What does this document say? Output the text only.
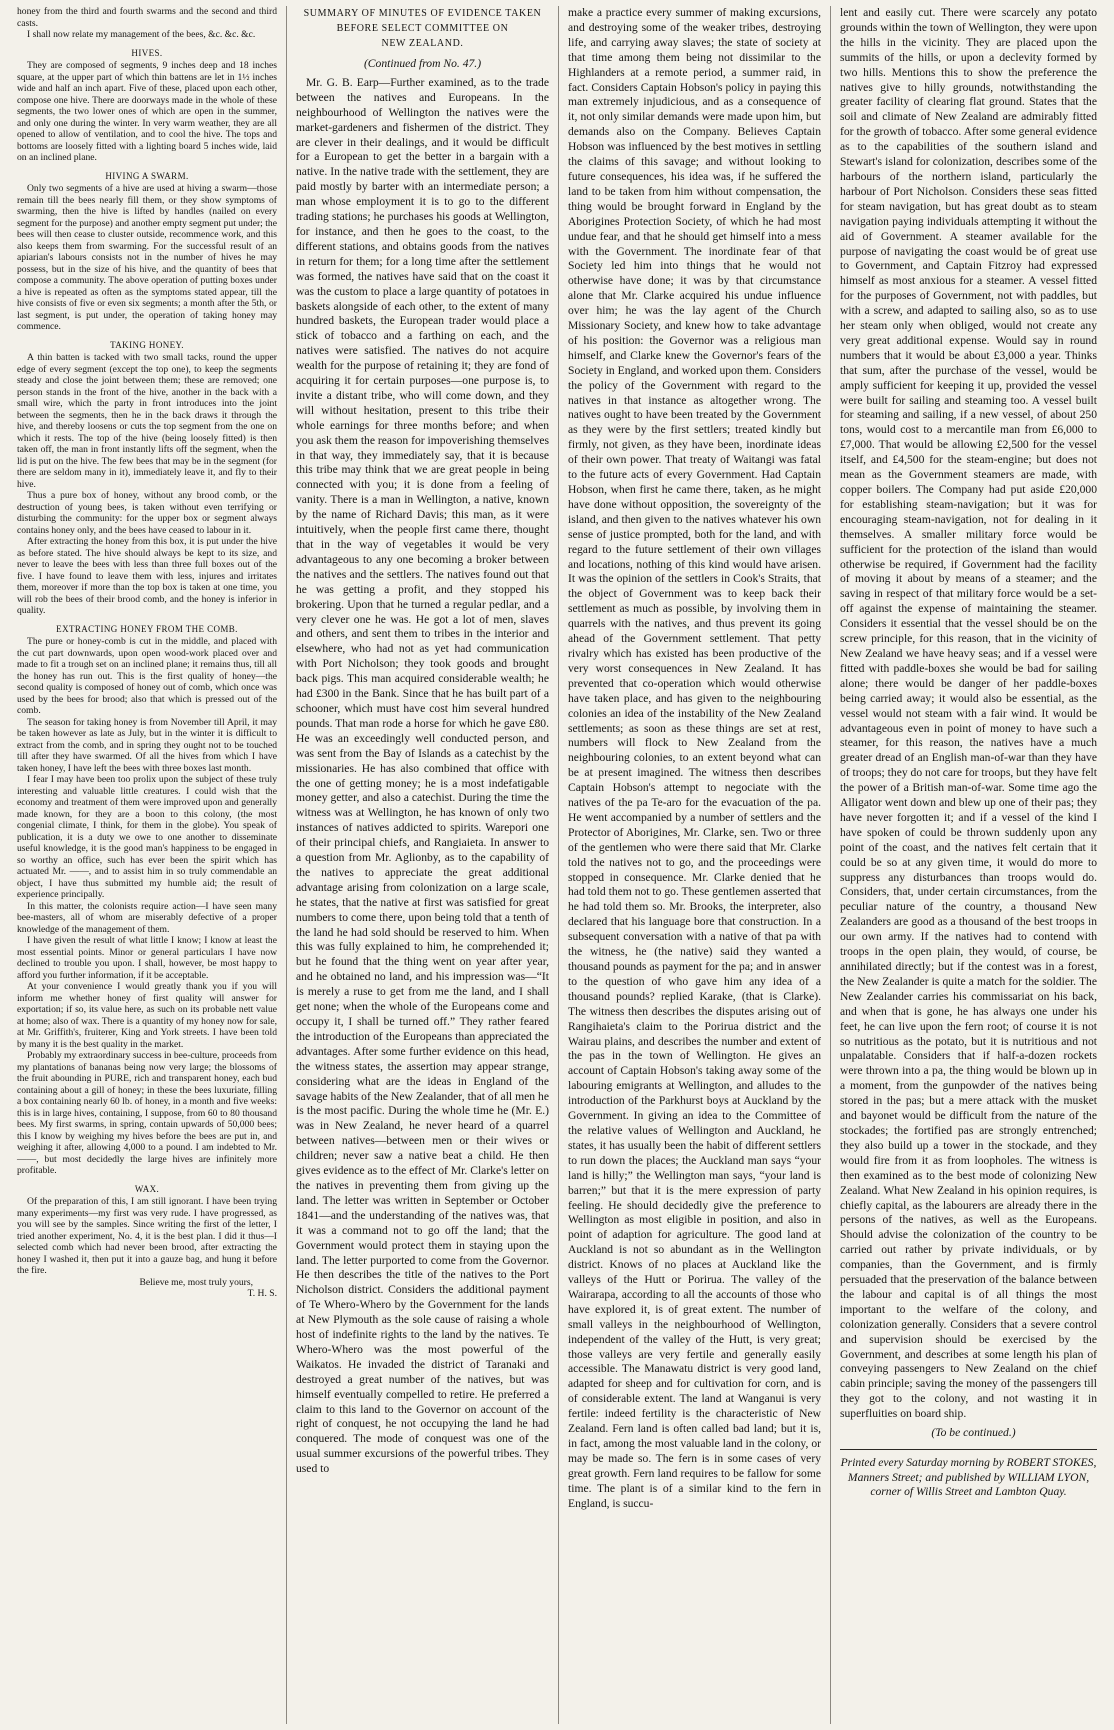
honey from the third and fourth swarms and the second and third casts.

I shall now relate my management of the bees, &c. &c. &c.

HIVES.

They are composed of segments, 9 inches deep and 18 inches square, at the upper part of which thin battens are let in 1½ inches wide and half an inch apart. Five of these, placed upon each other, compose one hive. There are doorways made in the whole of these segments, the two lower ones of which are open in the summer, and only one during the winter. In very warm weather, they are all opened to allow of ventilation, and to cool the hive. The tops and bottoms are loosely fitted with a lighting board 5 inches wide, laid on an inclined plane.

HIVING A SWARM.

Only two segments of a hive are used at hiving a swarm—those remain till the bees nearly fill them, or they show symptoms of swarming, then the hive is lifted by handles (nailed on every segment for the purpose) and another empty segment put under; the bees will then cease to cluster outside, recommence work, and this also keeps them from swarming. For the successful result of an apiarian's labours consists not in the number of hives he may possess, but in the size of his hive, and the quantity of bees that compose a community. The above operation of putting boxes under a hive is repeated as often as the symptoms stated appear, till the hive consists of five or even six segments; a month after the 5th, or last segment, is put under, the operation of taking honey may commence.

TAKING HONEY.

A thin batten is tacked with two small tacks, round the upper edge of every segment (except the top one), to keep the segments steady and close the joint between them; these are removed; one person stands in the front of the hive, another in the back with a small wire, which the party in front introduces into the joint between the segments, then he in the back draws it through the hive, and thereby loosens or cuts the top segment from the one on which it rests. The top of the hive (being loosely fitted) is then taken off, the man in front instantly lifts off the segment, when the lid is put on the hive. The few bees that may be in the segment (for there are seldom many in it), immediately leave it, and fly to their hive.

Thus a pure box of honey, without any brood comb, or the destruction of young bees, is taken without even terrifying or disturbing the community: for the upper box or segment always contains honey only, and the bees have ceased to labour in it.

After extracting the honey from this box, it is put under the hive as before stated. The hive should always be kept to its size, and never to leave the bees with less than three full boxes out of the five. I have found to leave them with less, injures and irritates them, moreover if more than the top box is taken at one time, you will rob the bees of their brood comb, and the honey is inferior in quality.

EXTRACTING HONEY FROM THE COMB.

The pure or honey-comb is cut in the middle, and placed with the cut part downwards, upon open wood-work placed over and made to fit a trough set on an inclined plane; it remains thus, till all the honey has run out. This is the first quality of honey—the second quality is composed of honey out of comb, which once was used by the bees for brood; also that which is pressed out of the comb.

The season for taking honey is from November till April, it may be taken however as late as July, but in the winter it is difficult to extract from the comb, and in spring they ought not to be touched till after they have swarmed. Of all the hives from which I have taken honey, I have left the bees with three boxes last month.

I fear I may have been too prolix upon the subject of these truly interesting and valuable little creatures. I could wish that the economy and treatment of them were improved upon and generally made known, for they are a boon to this colony, (the most congenial climate, I think, for them in the globe). You speak of publication, it is a duty we owe to one another to disseminate useful knowledge, it is the good man's happiness to be engaged in so worthy an office, such has ever been the spirit which has actuated Mr. ——, and to assist him in so truly commendable an object, I have thus submitted my humble aid; the result of experience principally.

In this matter, the colonists require action—I have seen many bee-masters, all of whom are miserably defective of a proper knowledge of the management of them.

I have given the result of what little I know; I know at least the most essential points. Minor or general particulars I have now declined to trouble you upon. I shall, however, be most happy to afford you further information, if it be acceptable.

At your convenience I would greatly thank you if you will inform me whether honey of first quality will answer for exportation; if so, its value here, as such on its probable nett value at home; also of wax. There is a quantity of my honey now for sale, at Mr. Griffith's, fruiterer, King and York streets. I have been told by many it is the best quality in the market.

Probably my extraordinary success in bee-culture, proceeds from my plantations of bananas being now very large; the blossoms of the fruit abounding in PURE, rich and transparent honey, each bud containing about a gill of honey; in these the bees luxuriate, filling a box containing nearly 60 lb. of honey, in a month and five weeks: this is in large hives, containing, I suppose, from 60 to 80 thousand bees. My first swarms, in spring, contain upwards of 50,000 bees; this I know by weighing my hives before the bees are put in, and weighing it after, allowing 4,000 to a pound. I am indebted to Mr. ——, but most decidedly the large hives are infinitely more profitable.

WAX.

Of the preparation of this, I am still ignorant. I have been trying many experiments—my first was very rude. I have progressed, as you will see by the samples. Since writing the first of the letter, I tried another experiment, No. 4, it is the best plan. I did it thus—I selected comb which had never been brood, after extracting the honey I washed it, then put it into a gauze bag, and hung it before the fire.

Believe me, most truly yours,

T. H. S.

SUMMARY OF MINUTES OF EVIDENCE TAKEN
BEFORE SELECT COMMITTEE ON
NEW ZEALAND.
(Continued from No. 47.)

Mr. G. B. Earp—Further examined, as to the trade between the natives and Europeans. In the neighbourhood of Wellington the natives were the market-gardeners and fishermen of the district. They are clever in their dealings, and it would be difficult for a European to get the better in a bargain with a native. In the native trade with the settlement, they are paid mostly by barter with an intermediate person; a man whose employment it is to go to the different trading stations; he purchases his goods at Wellington, for instance, and then he goes to the coast, to the different stations, and obtains goods from the natives in return for them; for a long time after the settlement was formed, the natives have said that on the coast it was the custom to place a large quantity of potatoes in baskets alongside of each other, to the extent of many hundred baskets, the European trader would place a stick of tobacco and a farthing on each, and the natives were satisfied. The natives do not acquire wealth for the purpose of retaining it; they are fond of acquiring it for certain purposes—one purpose is, to invite a distant tribe, who will come down, and they will without hesitation, present to this tribe their whole earnings for three months before; and when you ask them the reason for impoverishing themselves in that way, they immediately say, that it is because this tribe may think that we are great people in being connected with you; it is done from a feeling of vanity. There is a man in Wellington, a native, known by the name of Richard Davis; this man, as it were intuitively, when the people first came there, thought that in the way of vegetables it would be very advantageous to any one becoming a broker between the natives and the settlers. The natives found out that he was getting a profit, and they stopped his brokering. Upon that he turned a regular pedlar, and a very clever one he was. He got a lot of men, slaves and others, and sent them to tribes in the interior and elsewhere, who had not as yet had communication with Port Nicholson; they took goods and brought back pigs. This man acquired considerable wealth; he had £300 in the Bank. Since that he has built part of a schooner, which must have cost him several hundred pounds. That man rode a horse for which he gave £80. He was an exceedingly well conducted person, and was sent from the Bay of Islands as a catechist by the missionaries. He has also combined that office with the one of getting money; he is a most indefatigable money getter, and also a catechist. During the time the witness was at Wellington, he has known of only two instances of natives addicted to spirits. Warepori one of their principal chiefs, and Rangiaieta. In answer to a question from Mr. Aglionby, as to the capability of the natives to appreciate the great additional advantage arising from colonization on a large scale, he states, that the native at first was satisfied for great numbers to come there, upon being told that a tenth of the land he had sold should be reserved to him. When this was fully explained to him, he comprehended it; but he found that the thing went on year after year, and he obtained no land, and his impression was—“It is merely a ruse to get from me the land, and I shall get none; when the whole of the Europeans come and occupy it, I shall be turned off.” They rather feared the introduction of the Europeans than appreciated the advantages. After some further evidence on this head, the witness states, the assertion may appear strange, considering what are the ideas in England of the savage habits of the New Zealander, that of all men he is the most pacific. During the whole time he (Mr. E.) was in New Zealand, he never heard of a quarrel between natives—between men or their wives or children; never saw a native beat a child. He then gives evidence as to the effect of Mr. Clarke's letter on the natives in preventing them from giving up the land. The letter was written in September or October 1841—and the understanding of the natives was, that it was a command not to go off the land; that the Government would protect them in staying upon the land. The letter purported to come from the Governor. He then describes the title of the natives to the Port Nicholson district. Considers the additional payment of Te Whero-Whero by the Government for the lands at New Plymouth as the sole cause of raising a whole host of indefinite rights to the land by the natives. Te Whero-Whero was the most powerful of the Waikatos. He invaded the district of Taranaki and destroyed a great number of the natives, but was himself eventually compelled to retire. He preferred a claim to this land to the Governor on account of the right of conquest, he not occupying the land he had conquered. The mode of conquest was one of the usual summer excursions of the powerful tribes. They used to

make a practice every summer of making excursions, and destroying some of the weaker tribes, destroying life, and carrying away slaves; the state of society at that time among them being not dissimilar to the Highlanders at a remote period, a summer raid, in fact. Considers Captain Hobson's policy in paying this man extremely injudicious, and as a consequence of it, not only similar demands were made upon him, but demands also on the Company. Believes Captain Hobson was influenced by the best motives in settling the claims of this savage; and without looking to future consequences, his idea was, if he suffered the land to be taken from him without compensation, the thing would be brought forward in England by the Aborigines Protection Society, of which he had most undue fear, and that he should get himself into a mess with the Government. The inordinate fear of that Society led him into things that he would not otherwise have done; it was by that circumstance alone that Mr. Clarke acquired his undue influence over him; he was the lay agent of the Church Missionary Society, and knew how to take advantage of his position: the Governor was a religious man himself, and Clarke knew the Governor's fears of the Society in England, and worked upon them. Considers the policy of the Government with regard to the natives in that instance as altogether wrong. The natives ought to have been treated by the Government as they were by the first settlers; treated kindly but firmly, not given, as they have been, inordinate ideas of their own power. That treaty of Waitangi was fatal to the future acts of every Government. Had Captain Hobson, when first he came there, taken, as he might have done without opposition, the sovereignty of the island, and then given to the natives whatever his own sense of justice prompted, both for the land, and with regard to the future settlement of their own villages and locations, nothing of this kind would have arisen. It was the opinion of the settlers in Cook's Straits, that the object of Government was to keep back their settlement as much as possible, by involving them in quarrels with the natives, and thus prevent its going ahead of the Government settlement. That petty rivalry which has existed has been productive of the very worst consequences in New Zealand. It has prevented that co-operation which would otherwise have taken place, and has given to the neighbouring colonies an idea of the instability of the New Zealand settlements; as soon as these things are set at rest, numbers will flock to New Zealand from the neighbouring colonies, to an extent beyond what can be at present imagined. The witness then describes Captain Hobson's attempt to negociate with the natives of the pa Te-aro for the evacuation of the pa. He went accompanied by a number of settlers and the Protector of Aborigines, Mr. Clarke, sen. Two or three of the gentlemen who were there said that Mr. Clarke told the natives not to go, and the proceedings were stopped in consequence. Mr. Clarke denied that he had told them not to go. These gentlemen asserted that he had told them so. Mr. Brooks, the interpreter, also declared that his language bore that construction. In a subsequent conversation with a native of that pa with the witness, he (the native) said they wanted a thousand pounds as payment for the pa; and in answer to the question of who gave him any idea of a thousand pounds? replied Karake, (that is Clarke). The witness then describes the disputes arising out of Rangihaieta's claim to the Porirua district and the Wairau plains, and describes the number and extent of the pas in the town of Wellington. He gives an account of Captain Hobson's taking away some of the labouring emigrants at Wellington, and alludes to the introduction of the Parkhurst boys at Auckland by the Government. In giving an idea to the Committee of the relative values of Wellington and Auckland, he states, it has usually been the habit of different settlers to run down the places; the Auckland man says “your land is hilly;” the Wellington man says, “your land is barren;” but that it is the mere expression of party feeling. He should decidedly give the preference to Wellington as most eligible in position, and also in point of adaption for agriculture. The good land at Auckland is not so abundant as in the Wellington district. Knows of no places at Auckland like the valleys of the Hutt or Porirua. The valley of the Wairarapa, according to all the accounts of those who have explored it, is of great extent. The number of small valleys in the neighbourhood of Wellington, independent of the valley of the Hutt, is very great; those valleys are very fertile and generally easily accessible. The Manawatu district is very good land, adapted for sheep and for cultivation for corn, and is of considerable extent. The land at Wanganui is very fertile: indeed fertility is the characteristic of New Zealand. Fern land is often called bad land; but it is, in fact, among the most valuable land in the colony, or may be made so. The fern is in some cases of very great growth. Fern land requires to be fallow for some time. The plant is of a similar kind to the fern in England, is succu-

lent and easily cut. There were scarcely any potato grounds within the town of Wellington, they were upon the hills in the vicinity. They are placed upon the summits of the hills, or upon a declevity formed by two hills. Mentions this to show the preference the natives give to hilly grounds, notwithstanding the greater facility of clearing flat ground. States that the soil and climate of New Zealand are admirably fitted for the growth of tobacco. After some general evidence as to the capabilities of the southern island and Stewart's island for colonization, describes some of the harbours of the northern island, particularly the harbour of Port Nicholson. Considers these seas fitted for steam navigation, but has great doubt as to steam navigation paying individuals attempting it without the aid of Government. A steamer available for the purpose of navigating the coast would be of great use to Government, and Captain Fitzroy had expressed himself as most anxious for a steamer. A vessel fitted for the purposes of Government, not with paddles, but with a screw, and adapted to sailing also, so as to use her steam only when obliged, would not create any very great additional expense. Would say in round numbers that it would be about £3,000 a year. Thinks that sum, after the purchase of the vessel, would be amply sufficient for keeping it up, provided the vessel were built for sailing and steaming too. A vessel built for steaming and sailing, if a new vessel, of about 250 tons, would cost to a mercantile man from £6,000 to £7,000. That would be allowing £2,500 for the vessel itself, and £4,500 for the steam-engine; but does not mean as the Government steamers are made, with copper boilers. The Company had put aside £20,000 for establishing steam-navigation; but it was for encouraging steam-navigation, not for dealing in it themselves. A smaller military force would be sufficient for the protection of the island than would otherwise be required, if Government had the facility of moving it about by means of a steamer; and the saving in respect of that military force would be a set-off against the expense of maintaining the steamer. Considers it essential that the vessel should be on the screw principle, for this reason, that in the vicinity of New Zealand we have heavy seas; and if a vessel were fitted with paddle-boxes she would be bad for sailing alone; there would be danger of her paddle-boxes being carried away; it would also be essential, as the vessel would not steam with a fair wind. It would be advantageous even in point of money to have such a steamer, for this reason, the natives have a much greater dread of an English man-of-war than they have of troops; they do not care for troops, but they have felt the power of a British man-of-war. Some time ago the Alligator went down and blew up one of their pas; they have never forgotten it; and if a vessel of the kind I have spoken of could be thrown suddenly upon any point of the coast, and the natives felt certain that it could be so at any given time, it would do more to suppress any disturbances than troops would do. Considers, that, under certain circumstances, from the peculiar nature of the country, a thousand New Zealanders are good as a thousand of the best troops in our own army. If the natives had to contend with troops in the open plain, they would, of course, be annihilated directly; but if the contest was in a forest, the New Zealander is quite a match for the soldier. The New Zealander carries his commissariat on his back, and when that is gone, he has always one under his feet, he can live upon the fern root; of course it is not so nutritious as the potato, but it is nutritious and not unpalatable. Considers that if half-a-dozen rockets were thrown into a pa, the thing would be blown up in a moment, from the gunpowder of the natives being stored in the pas; but a mere attack with the musket and bayonet would be difficult from the nature of the stockades; the fortified pas are strongly entrenched; they also build up a tower in the stockade, and they would fire from it as from loopholes. The witness is then examined as to the best mode of colonizing New Zealand. What New Zealand in his opinion requires, is chiefly capital, as the labourers are already there in the persons of the natives, as well as the Europeans. Should advise the colonization of the country to be carried out rather by private individuals, or by companies, than the Government, and is firmly persuaded that the preservation of the balance between the labour and capital is of all things the most important to the welfare of the colony, and colonization generally. Considers that a severe control and supervision should be exercised by the Government, and describes at some length his plan of conveying passengers to New Zealand on the chief cabin principle; saving the money of the passengers till they got to the colony, and not wasting it in superfluities on board ship.

(To be continued.)

Printed every Saturday morning by ROBERT STOKES, Manners Street; and published by WILLIAM LYON, corner of Willis Street and Lambton Quay.
